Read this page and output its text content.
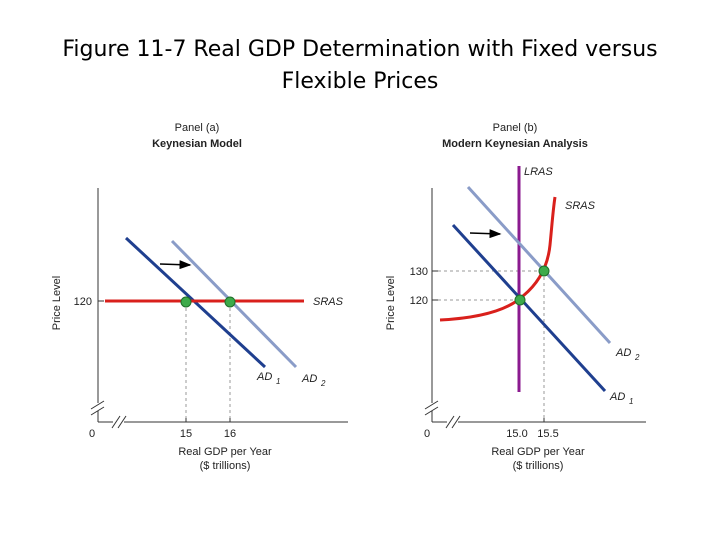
Figure 11-7 Real GDP Determination with Fixed versus
Flexible Prices
Panel (a)
Keynesian Model
0
Price Level 120
15	16
Real GDP per Year
($ trillions)
SRAS
AD 1 AD 2
Panel (b)
Modern Keynesian Analysis
0
Price Level
130
120
15.0 15.5
Real GDP per Year
($ trillions)
LRAS
SRAS
AD 2
AD 1
